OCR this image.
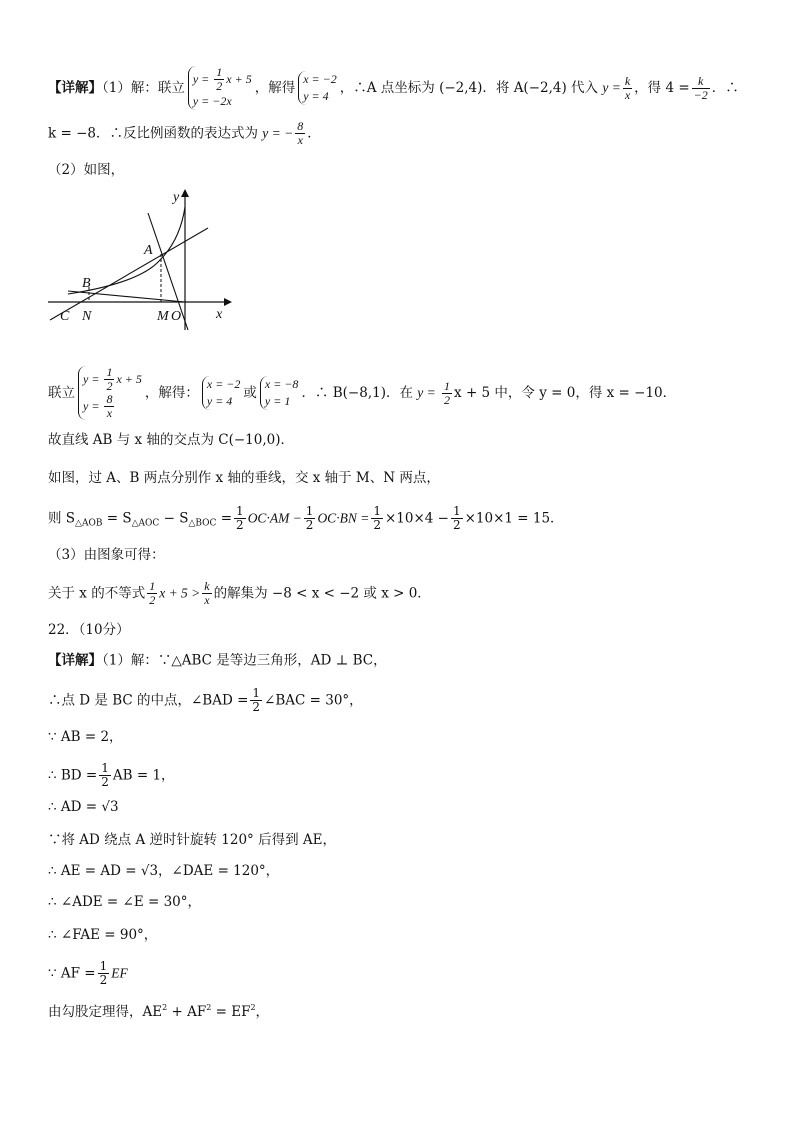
【详解】（1）解：联立
$y = \frac{1}{2}$ x + 5
y = −2x
，解得
x = −2
y = 4 ，∴A 点坐标为 (−2,4)．将 A(−2,4) 代入 $y = \frac{k}{x}$ ，得 $4 = \frac{k}{-2}$ ．∴
k = −8．∴反比例函数的表达式为 y = − $\frac{8}{x}$ ．
（2）如图，
y
x
A
B
C N	M O
联立
$y = \frac{1}{2}$ x + 5
$y = \frac{8}{x}$ ，解得：
x = −2
y = 4 或
x = −8
y = 1 ．∴ B(−8,1)．在 $y = \frac{1}{2}$ x + 5 中，令 y = 0，得 x = −10．
故直线 AB 与 x 轴的交点为 C(−10,0)．
如图，过 A、B 两点分别作 x 轴的垂线，交 x 轴于 M、N 两点，
则 $S_{\triangle AOB} = S_{\triangle AOC} - S_{\triangle BOC} = \frac{1}{2} OC\cdot AM - \frac{1}{2} OC\cdot BN = \frac{1}{2} \times 10\times 4 - \frac{1}{2} \times 10\times 1 = 15$．
（3）由图象可得：
关于 x 的不等式 $\frac{1}{2}$ $x + 5 > \frac{k}{x}$ 的解集为 −8 < x < −2 或 x > 0．
22．（10分）
【详解】（1）解：∵△ABC 是等边三角形，AD ⊥ BC，
∴点 D 是 BC 的中点，∠BAD = $\frac{1}{2}$ ∠BAC = 30°，
∵ AB = 2，
∴ BD = $\frac{1}{2}$ AB = 1，
∴ AD = √3
∵将 AD 绕点 A 逆时针旋转 120° 后得到 AE，
∴ AE = AD = √3，∠DAE = 120°，
∴ ∠ADE = ∠E = 30°，
∴ ∠FAE = 90°，
∵ AF = $\frac{1}{2}$ EF
由勾股定理得，$AE^2 + AF^2 = EF^2$，
